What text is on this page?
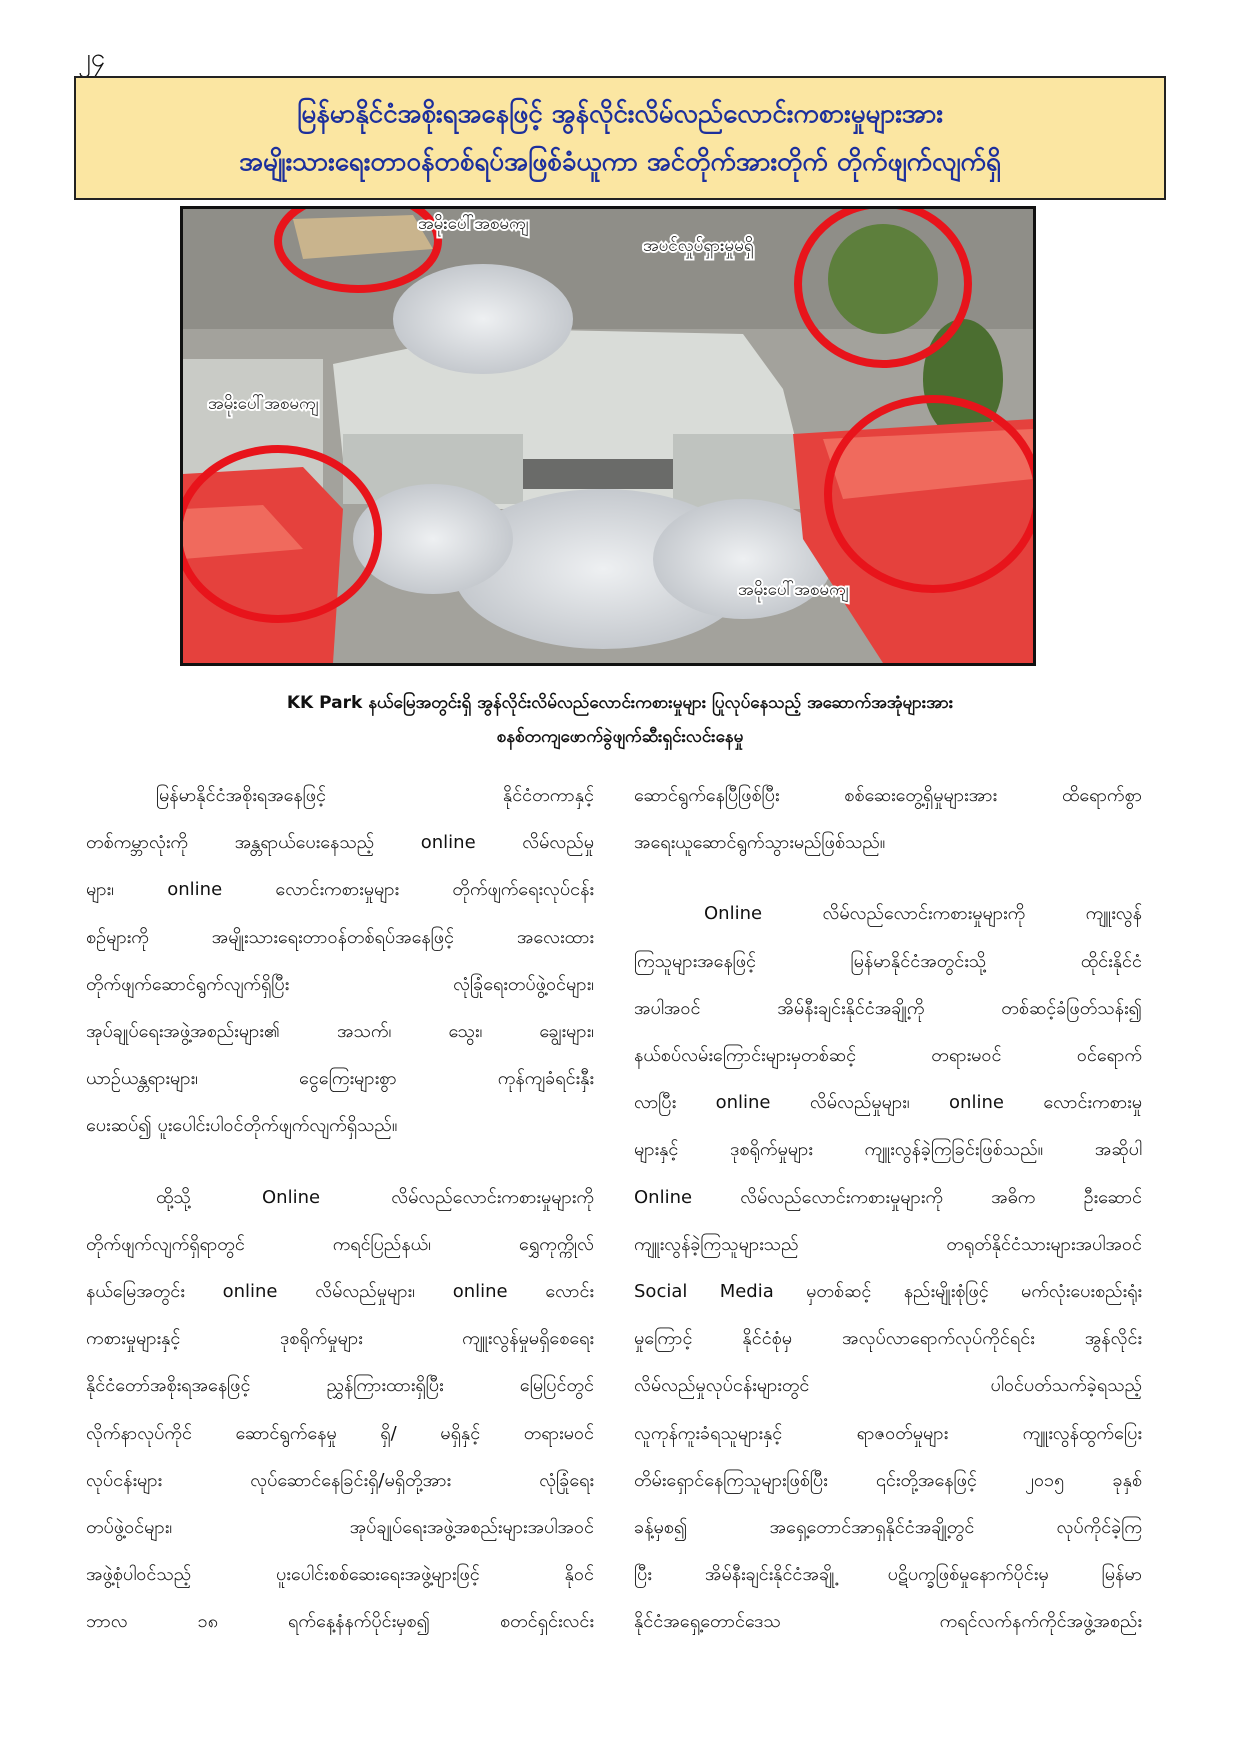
၂၄
မြန်မာနိုင်ငံအစိုးရအနေဖြင့် အွန်လိုင်းလိမ်လည်လောင်းကစားမှုများအား
အမျိုးသားရေးတာဝန်တစ်ရပ်အဖြစ်ခံယူကာ အင်တိုက်အားတိုက် တိုက်ဖျက်လျက်ရှိ
အမိုးပေါ်အစမကျ
အပင်လှုပ်ရှားမှုမရှိ
အမိုးပေါ်အစမကျ
အမိုးပေါ်အစမကျ
KK Park နယ်မြေအတွင်းရှိ အွန်လိုင်းလိမ်လည်လောင်းကစားမှုများ ပြုလုပ်နေသည့် အဆောက်အအုံများအား
စနစ်တကျဖောက်ခွဲဖျက်ဆီးရှင်းလင်းနေမှု
မြန်မာနိုင်ငံအစိုးရအနေဖြင့် နိုင်ငံတကာနှင့်
တစ်ကမ္ဘာလုံးကို အန္တရာယ်ပေးနေသည့် online လိမ်လည်မှု
များ၊ online လောင်းကစားမှုများ တိုက်ဖျက်ရေးလုပ်ငန်း
စဉ်များကို အမျိုးသားရေးတာဝန်တစ်ရပ်အနေဖြင့် အလေးထား
တိုက်ဖျက်ဆောင်ရွက်လျက်ရှိပြီး လုံခြုံရေးတပ်ဖွဲ့ဝင်များ၊
အုပ်ချုပ်ရေးအဖွဲ့အစည်းများ၏ အသက်၊ သွေး၊ ချွေးများ၊
ယာဉ်ယန္တရားများ၊ ငွေကြေးများစွာ ကုန်ကျခံရင်းနှီး
ပေးဆပ်၍ ပူးပေါင်းပါဝင်တိုက်ဖျက်လျက်ရှိသည်။
ထို့သို့ Online လိမ်လည်လောင်းကစားမှုများကို
တိုက်ဖျက်လျက်ရှိရာတွင် ကရင်ပြည်နယ်၊ ရွှေကုက္ကိုလ်
နယ်မြေအတွင်း online လိမ်လည်မှုများ၊ online လောင်း
ကစားမှုများနှင့် ဒုစရိုက်မှုများ ကျူးလွန်မှုမရှိစေရေး
နိုင်ငံတော်အစိုးရအနေဖြင့် ညွှန်ကြားထားရှိပြီး မြေပြင်တွင်
လိုက်နာလုပ်ကိုင် ဆောင်ရွက်နေမှု ရှိ/ မရှိနှင့် တရားမဝင်
လုပ်ငန်းများ လုပ်ဆောင်နေခြင်းရှိ/မရှိတို့အား လုံခြုံရေး
တပ်ဖွဲ့ဝင်များ၊ အုပ်ချုပ်ရေးအဖွဲ့အစည်းများအပါအဝင်
အဖွဲ့စုံပါဝင်သည့် ပူးပေါင်းစစ်ဆေးရေးအဖွဲ့များဖြင့် နိုဝင်
ဘာလ ၁၈ ရက်နေ့နံနက်ပိုင်းမှစ၍ စတင်ရှင်းလင်း
ဆောင်ရွက်နေပြီဖြစ်ပြီး စစ်ဆေးတွေ့ရှိမှုများအား ထိရောက်စွာ
အရေးယူဆောင်ရွက်သွားမည်ဖြစ်သည်။
Online လိမ်လည်လောင်းကစားမှုများကို ကျူးလွန်
ကြသူများအနေဖြင့် မြန်မာနိုင်ငံအတွင်းသို့ ထိုင်းနိုင်ငံ
အပါအဝင် အိမ်နီးချင်းနိုင်ငံအချို့ကို တစ်ဆင့်ခံဖြတ်သန်း၍
နယ်စပ်လမ်းကြောင်းများမှတစ်ဆင့် တရားမဝင် ဝင်ရောက်
လာပြီး online လိမ်လည်မှုများ၊ online လောင်းကစားမှု
များနှင့် ဒုစရိုက်မှုများ ကျူးလွန်ခဲ့ကြခြင်းဖြစ်သည်။ အဆိုပါ
Online လိမ်လည်လောင်းကစားမှုများကို အဓိက ဦးဆောင်
ကျူးလွန်ခဲ့ကြသူများသည် တရုတ်နိုင်ငံသားများအပါအဝင်
Social Media မှတစ်ဆင့် နည်းမျိုးစုံဖြင့် မက်လုံးပေးစည်းရုံး
မှုကြောင့် နိုင်ငံစုံမှ အလုပ်လာရောက်လုပ်ကိုင်ရင်း အွန်လိုင်း
လိမ်လည်မှုလုပ်ငန်းများတွင် ပါဝင်ပတ်သက်ခဲ့ရသည့်
လူကုန်ကူးခံရသူများနှင့် ရာဇဝတ်မှုများ ကျူးလွန်ထွက်ပြေး
တိမ်းရှောင်နေကြသူများဖြစ်ပြီး ၎င်းတို့အနေဖြင့် ၂၀၁၅ ခုနှစ်
ခန့်မှစ၍ အရှေ့တောင်အာရှနိုင်ငံအချို့တွင် လုပ်ကိုင်ခဲ့ကြ
ပြီး အိမ်နီးချင်းနိုင်ငံအချို့ ပဋိပက္ခဖြစ်မှုနောက်ပိုင်းမှ မြန်မာ
နိုင်ငံအရှေ့တောင်ဒေသ ကရင်လက်နက်ကိုင်အဖွဲ့အစည်း
